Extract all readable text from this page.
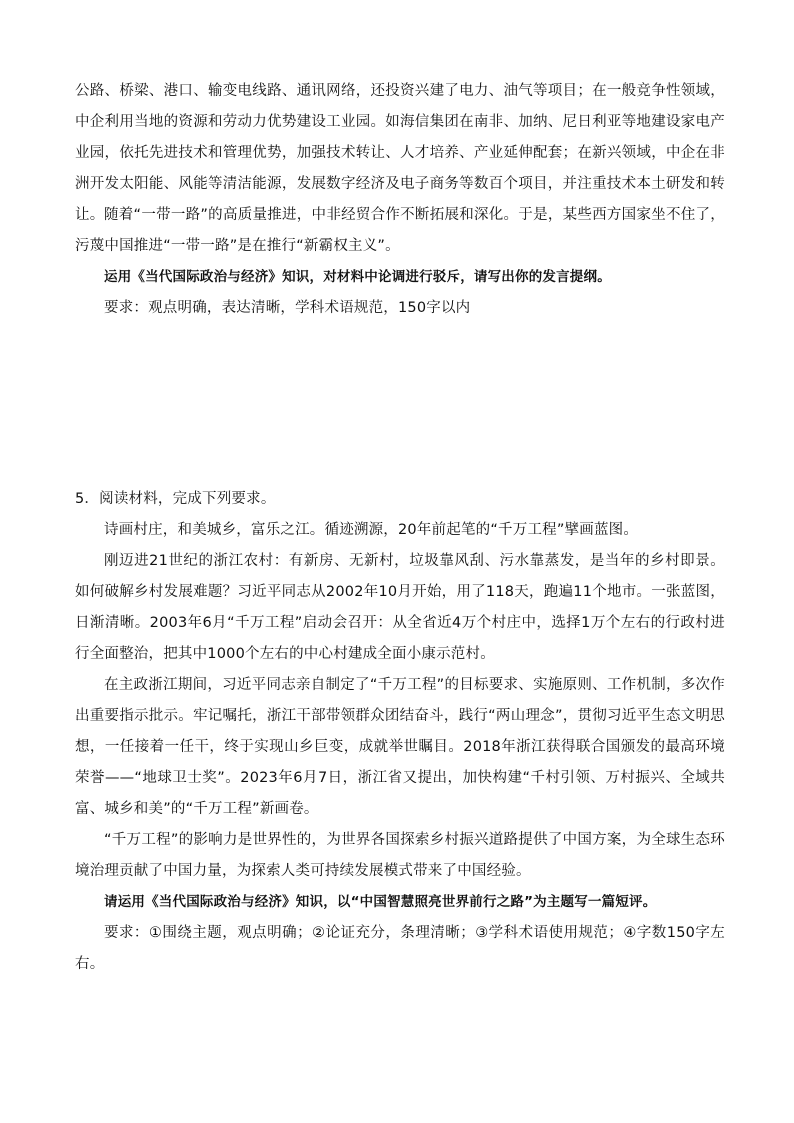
公路、桥梁、港口、输变电线路、通讯网络，还投资兴建了电力、油气等项目；在一般竞争性领域，中企利用当地的资源和劳动力优势建设工业园。如海信集团在南非、加纳、尼日利亚等地建设家电产业园，依托先进技术和管理优势，加强技术转让、人才培养、产业延伸配套；在新兴领域，中企在非洲开发太阳能、风能等清洁能源，发展数字经济及电子商务等数百个项目，并注重技术本土研发和转让。 随着“一带一路”的高质量推进，中非经贸合作不断拓展和深化。于是，某些西方国家坐不住了，污蔑中国推进“一带一路”是在推行“新霸权主义”。

运用《当代国际政治与经济》知识，对材料中论调进行驳斥，请写出你的发言提纲。

要求：观点明确，表达清晰，学科术语规范，150字以内

5．阅读材料，完成下列要求。

诗画村庄，和美城乡，富乐之江。循迹溯源，20年前起笔的“千万工程”擘画蓝图。

刚迈进21世纪的浙江农村：有新房、无新村，垃圾靠风刮、污水靠蒸发，是当年的乡村即景。如何破解乡村发展难题？习近平同志从2002年10月开始，用了118天，跑遍11个地市。一张蓝图，日渐清晰。2003年6月“千万工程”启动会召开：从全省近4万个村庄中，选择1万个左右的行政村进行全面整治，把其中1000个左右的中心村建成全面小康示范村。

在主政浙江期间，习近平同志亲自制定了“千万工程”的目标要求、实施原则、工作机制，多次作出重要指示批示。牢记嘱托，浙江干部带领群众团结奋斗，践行“两山理念”，贯彻习近平生态文明思想，一任接着一任干，终于实现山乡巨变，成就举世瞩目。2018年浙江获得联合国颁发的最高环境荣誉——“地球卫士奖”。2023年6月7日，浙江省又提出，加快构建“千村引领、万村振兴、全域共富、城乡和美”的“千万工程”新画卷。

“千万工程”的影响力是世界性的，为世界各国探索乡村振兴道路提供了中国方案，为全球生态环境治理贡献了中国力量，为探索人类可持续发展模式带来了中国经验。

请运用《当代国际政治与经济》知识，以“中国智慧照亮世界前行之路”为主题写一篇短评。

要求：①围绕主题，观点明确；②论证充分，条理清晰；③学科术语使用规范；④字数150字左右。
